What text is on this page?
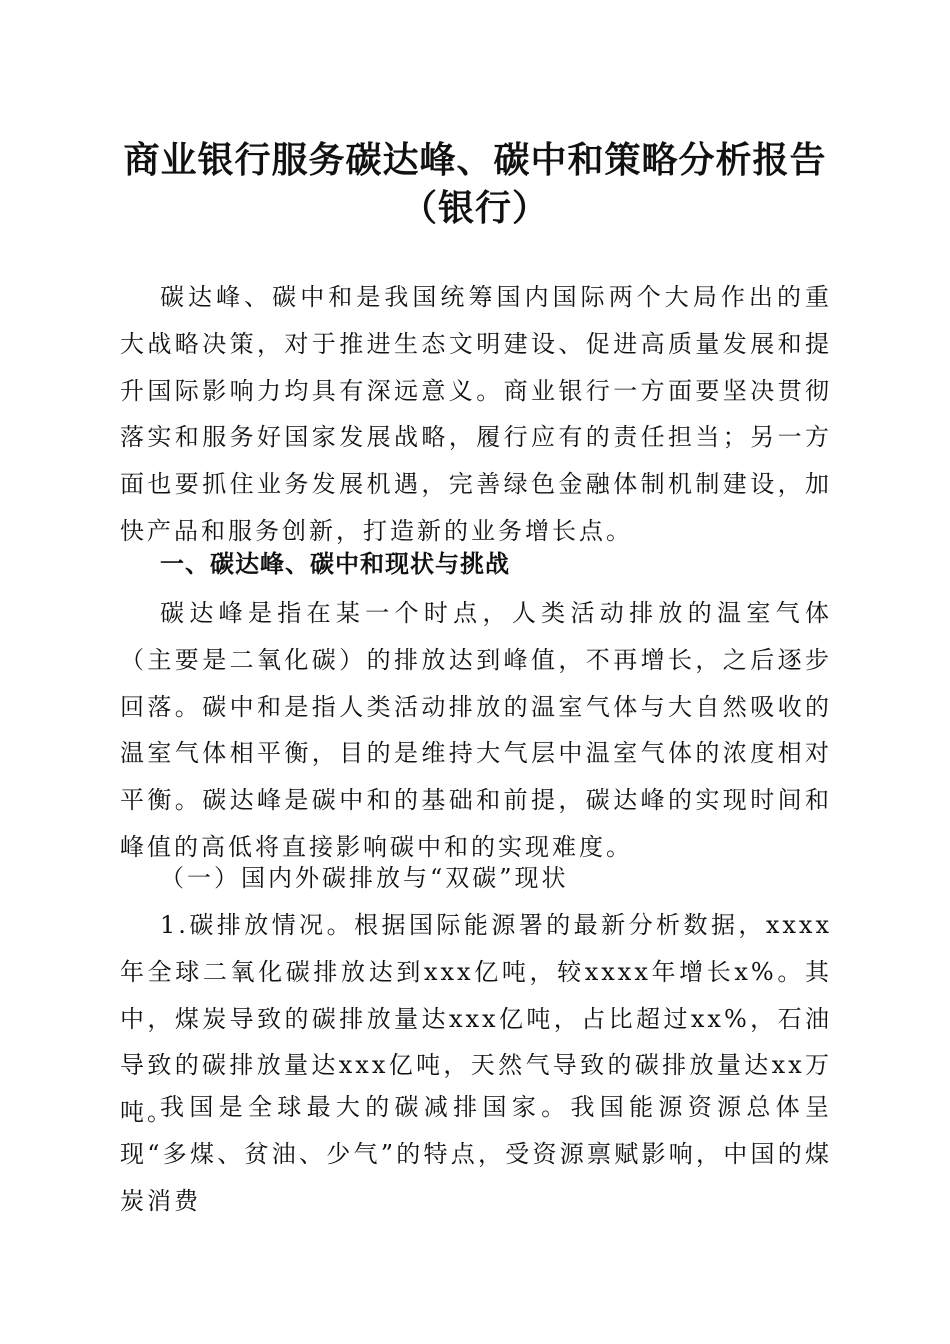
商业银行服务碳达峰、碳中和策略分析报告
（银行）

碳达峰、碳中和是我国统筹国内国际两个大局作出的重大战略决策，对于推进生态文明建设、促进高质量发展和提升国际影响力均具有深远意义。商业银行一方面要坚决贯彻落实和服务好国家发展战略，履行应有的责任担当；另一方面也要抓住业务发展机遇，完善绿色金融体制机制建设，加快产品和服务创新，打造新的业务增长点。

一、碳达峰、碳中和现状与挑战

碳达峰是指在某一个时点，人类活动排放的温室气体（主要是二氧化碳）的排放达到峰值，不再增长，之后逐步回落。碳中和是指人类活动排放的温室气体与大自然吸收的温室气体相平衡，目的是维持大气层中温室气体的浓度相对平衡。碳达峰是碳中和的基础和前提，碳达峰的实现时间和峰值的高低将直接影响碳中和的实现难度。

（一）国内外碳排放与“双碳”现状

1.碳排放情况。根据国际能源署的最新分析数据，xxxx年全球二氧化碳排放达到xxx亿吨，较xxxx年增长x%。其中，煤炭导致的碳排放量达xxx亿吨，占比超过xx%，石油导致的碳排放量达xxx亿吨，天然气导致的碳排放量达xx万吨。

我国是全球最大的碳减排国家。我国能源资源总体呈现“多煤、贫油、少气”的特点，受资源禀赋影响，中国的煤炭消费
